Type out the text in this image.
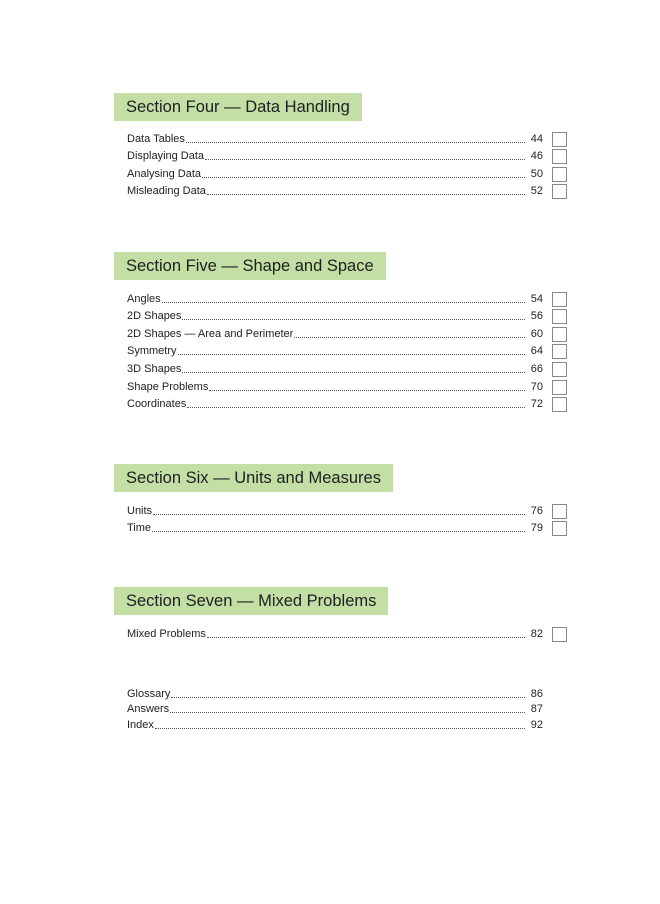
Section Four — Data Handling
Data Tables	44
Displaying Data	46
Analysing Data	50
Misleading Data	52
Section Five — Shape and Space
Angles	54
2D Shapes	56
2D Shapes — Area and Perimeter	60
Symmetry	64
3D Shapes	66
Shape Problems	70
Coordinates	72
Section Six — Units and Measures
Units	76
Time	79
Section Seven — Mixed Problems
Mixed Problems	82
Glossary	86
Answers	87
Index	92
